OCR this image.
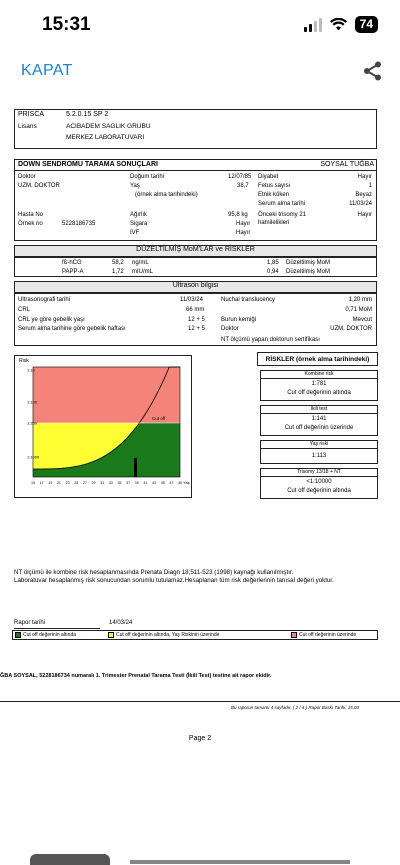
15:31	74
KAPAT
PRISCA	5.2.0.15 SP 2
Lisans	ACIBADEM SAGLIK GRUBU
MERKEZ LABORATUVARI
DOWN SENDROMU TARAMA SONUÇLARI	SOYSAL TUĞBA
Doktor
UZM. DOKTOR
Doğum tarihi	12/07/85
Yaş	38,7
(örnek alma tarihindeki)
Diyabet	Hayır
Fetus sayısı	1
Etnik köken	Beyaz
Serum alma tarihi	11/03/24
Hasta No
Örnek no	5228186735
Ağırlık	95,8 kg
Sigara	Hayır
IVF	Hayır
Önceki trisomy 21
hamilelikleri
Hayır
DÜZELTİLMİŞ MoM'LAR ve RİSKLER
fß-hCG	58,2 ng/mL	1,85 Düzeltilmiş MoM
PAPP-A	1,72 mIU/mL	0,94 Düzeltilmiş MoM
Ultrason bilgisi
Ultrasonografi tarihi	11/03/24
CRL	66 mm
CRL ye göre gebelik yaşı	12 + 5
Serum alma tarihine göre gebelik haftası	12 + 5
Nuchal translucency	1,20 mm
0,71 MoM
Burun kemiği	Mevcut
Doktor	UZM. DOKTOR
NT ölçümü yapan doktorun sertifikası
Risk
Cut off
1:10
1:100
1:250
1:1000
15 17 19 21 23 25 27 29 31 33 35 37 39 41 43 45 47 49 Yaş
RİSKLER (örnek alma tarihindeki)
Kombine risk
1:781
Cut off değerinin altında
İkili test
1:141
Cut off değerinin üzerinde
Yaş riski
1:113
Trisomy 13/18 + NT
<1:10000
Cut off değerinin altında
NT ölçümü ile kombine risk hesaplanmasında Prenata Diagn 18;511-523 (1998) kaynağı kullanılmıştır.
Laboratuvar hesaplanmış risk sonucundan sorumlu tutulamaz.Hesaplanan tüm risk değerlerinin tanısal değeri yoktur.
Rapor tarihi	14/03/24
Cut off değerinin altında	Cut off değerinin altında, Yaş Riskinin üzerinde	Cut off değerinin üzerinde
ĞBA SOYSAL, 5228186734 numaralı 1. Trimester Prenatal Tarama Testi (İkili Test) testine ait rapor ekidir.
Bu raporun tamamı 4 sayfadır. ( 2 / 4 ) Rapor Baskı Tarihi: 15.03
Page 2
